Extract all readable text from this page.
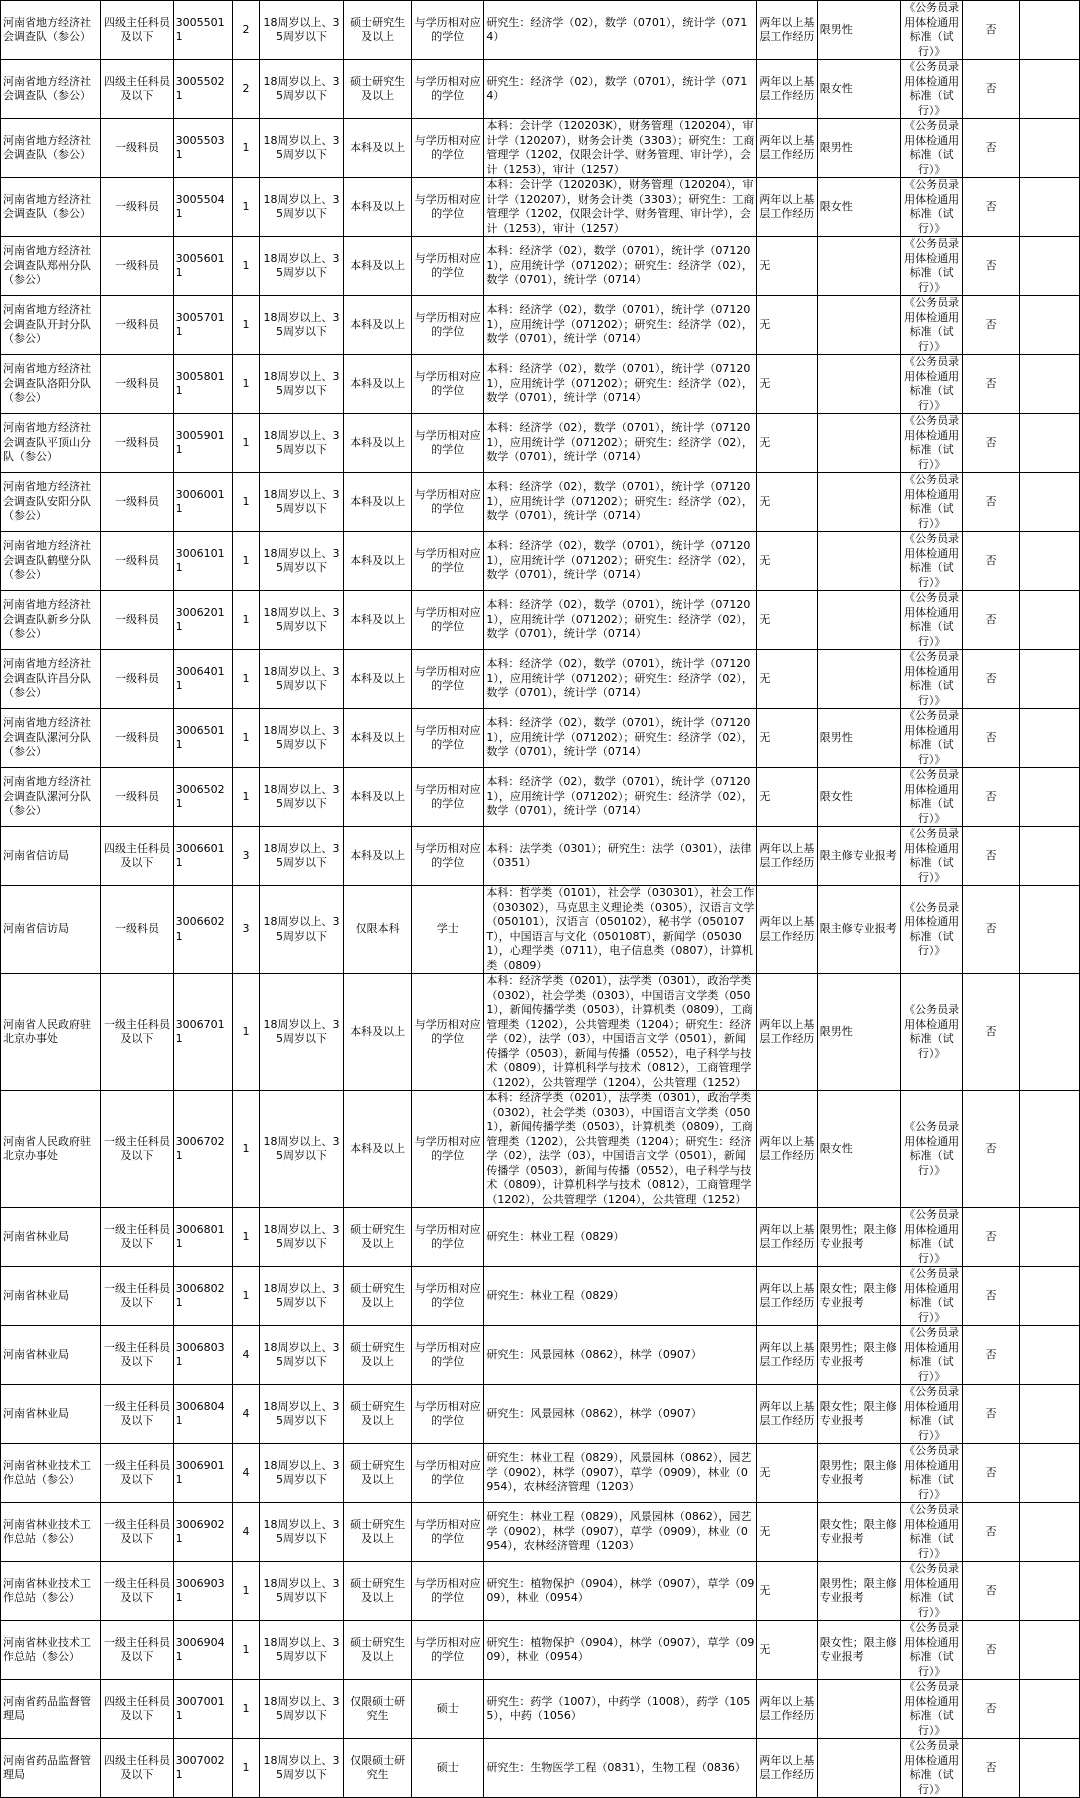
河南省地方经济社会调查队（参公）	四级主任科员及以下	30055011	2	18周岁以上、35周岁以下	硕士研究生及以上	与学历相对应的学位	研究生：经济学（02），数学（0701），统计学（0714）	两年以上基层工作经历	限男性	《公务员录用体检通用标准（试行）》	否	
河南省地方经济社会调查队（参公）	四级主任科员及以下	30055021	2	18周岁以上、35周岁以下	硕士研究生及以上	与学历相对应的学位	研究生：经济学（02），数学（0701），统计学（0714）	两年以上基层工作经历	限女性	《公务员录用体检通用标准（试行）》	否	
河南省地方经济社会调查队（参公）	一级科员	30055031	1	18周岁以上、35周岁以下	本科及以上	与学历相对应的学位	本科：会计学（120203K），财务管理（120204），审计学（120207），财务会计类（3303）；研究生：工商管理学（1202，仅限会计学、财务管理、审计学），会计（1253），审计（1257）	两年以上基层工作经历	限男性	《公务员录用体检通用标准（试行）》	否	
河南省地方经济社会调查队（参公）	一级科员	30055041	1	18周岁以上、35周岁以下	本科及以上	与学历相对应的学位	本科：会计学（120203K），财务管理（120204），审计学（120207），财务会计类（3303）；研究生：工商管理学（1202，仅限会计学、财务管理、审计学），会计（1253），审计（1257）	两年以上基层工作经历	限女性	《公务员录用体检通用标准（试行）》	否	
河南省地方经济社会调查队郑州分队（参公）	一级科员	30056011	1	18周岁以上、35周岁以下	本科及以上	与学历相对应的学位	本科：经济学（02），数学（0701），统计学（071201），应用统计学（071202）；研究生：经济学（02），数学（0701），统计学（0714）	无		《公务员录用体检通用标准（试行）》	否	
河南省地方经济社会调查队开封分队（参公）	一级科员	30057011	1	18周岁以上、35周岁以下	本科及以上	与学历相对应的学位	本科：经济学（02），数学（0701），统计学（071201），应用统计学（071202）；研究生：经济学（02），数学（0701），统计学（0714）	无		《公务员录用体检通用标准（试行）》	否	
河南省地方经济社会调查队洛阳分队（参公）	一级科员	30058011	1	18周岁以上、35周岁以下	本科及以上	与学历相对应的学位	本科：经济学（02），数学（0701），统计学（071201），应用统计学（071202）；研究生：经济学（02），数学（0701），统计学（0714）	无		《公务员录用体检通用标准（试行）》	否	
河南省地方经济社会调查队平顶山分队（参公）	一级科员	30059011	1	18周岁以上、35周岁以下	本科及以上	与学历相对应的学位	本科：经济学（02），数学（0701），统计学（071201），应用统计学（071202）；研究生：经济学（02），数学（0701），统计学（0714）	无		《公务员录用体检通用标准（试行）》	否	
河南省地方经济社会调查队安阳分队（参公）	一级科员	30060011	1	18周岁以上、35周岁以下	本科及以上	与学历相对应的学位	本科：经济学（02），数学（0701），统计学（071201），应用统计学（071202）；研究生：经济学（02），数学（0701），统计学（0714）	无		《公务员录用体检通用标准（试行）》	否	
河南省地方经济社会调查队鹤壁分队（参公）	一级科员	30061011	1	18周岁以上、35周岁以下	本科及以上	与学历相对应的学位	本科：经济学（02），数学（0701），统计学（071201），应用统计学（071202）；研究生：经济学（02），数学（0701），统计学（0714）	无		《公务员录用体检通用标准（试行）》	否	
河南省地方经济社会调查队新乡分队（参公）	一级科员	30062011	1	18周岁以上、35周岁以下	本科及以上	与学历相对应的学位	本科：经济学（02），数学（0701），统计学（071201），应用统计学（071202）；研究生：经济学（02），数学（0701），统计学（0714）	无		《公务员录用体检通用标准（试行）》	否	
河南省地方经济社会调查队许昌分队（参公）	一级科员	30064011	1	18周岁以上、35周岁以下	本科及以上	与学历相对应的学位	本科：经济学（02），数学（0701），统计学（071201），应用统计学（071202）；研究生：经济学（02），数学（0701），统计学（0714）	无		《公务员录用体检通用标准（试行）》	否	
河南省地方经济社会调查队漯河分队（参公）	一级科员	30065011	1	18周岁以上、35周岁以下	本科及以上	与学历相对应的学位	本科：经济学（02），数学（0701），统计学（071201），应用统计学（071202）；研究生：经济学（02），数学（0701），统计学（0714）	无	限男性	《公务员录用体检通用标准（试行）》	否	
河南省地方经济社会调查队漯河分队（参公）	一级科员	30065021	1	18周岁以上、35周岁以下	本科及以上	与学历相对应的学位	本科：经济学（02），数学（0701），统计学（071201），应用统计学（071202）；研究生：经济学（02），数学（0701），统计学（0714）	无	限女性	《公务员录用体检通用标准（试行）》	否	
河南省信访局	四级主任科员及以下	30066011	3	18周岁以上、35周岁以下	本科及以上	与学历相对应的学位	本科：法学类（0301）；研究生：法学（0301），法律（0351）	两年以上基层工作经历	限主修专业报考	《公务员录用体检通用标准（试行）》	否	
河南省信访局	一级科员	30066021	3	18周岁以上、35周岁以下	仅限本科	学士	本科：哲学类（0101），社会学（030301），社会工作（030302），马克思主义理论类（0305），汉语言文学（050101），汉语言（050102），秘书学（050107T），中国语言与文化（050108T），新闻学（050301），心理学类（0711），电子信息类（0807），计算机类（0809）	两年以上基层工作经历	限主修专业报考	《公务员录用体检通用标准（试行）》	否	
河南省人民政府驻北京办事处	一级主任科员及以下	30067011	1	18周岁以上、35周岁以下	本科及以上	与学历相对应的学位	本科：经济学类（0201），法学类（0301），政治学类（0302），社会学类（0303），中国语言文学类（0501），新闻传播学类（0503），计算机类（0809），工商管理类（1202），公共管理类（1204）；研究生：经济学（02），法学（03），中国语言文学（0501），新闻传播学（0503），新闻与传播（0552），电子科学与技术（0809），计算机科学与技术（0812），工商管理学（1202），公共管理学（1204），公共管理（1252）	两年以上基层工作经历	限男性	《公务员录用体检通用标准（试行）》	否	
河南省人民政府驻北京办事处	一级主任科员及以下	30067021	1	18周岁以上、35周岁以下	本科及以上	与学历相对应的学位	本科：经济学类（0201），法学类（0301），政治学类（0302），社会学类（0303），中国语言文学类（0501），新闻传播学类（0503），计算机类（0809），工商管理类（1202），公共管理类（1204）；研究生：经济学（02），法学（03），中国语言文学（0501），新闻传播学（0503），新闻与传播（0552），电子科学与技术（0809），计算机科学与技术（0812），工商管理学（1202），公共管理学（1204），公共管理（1252）	两年以上基层工作经历	限女性	《公务员录用体检通用标准（试行）》	否	
河南省林业局	一级主任科员及以下	30068011	1	18周岁以上、35周岁以下	硕士研究生及以上	与学历相对应的学位	研究生：林业工程（0829）	两年以上基层工作经历	限男性；限主修专业报考	《公务员录用体检通用标准（试行）》	否	
河南省林业局	一级主任科员及以下	30068021	1	18周岁以上、35周岁以下	硕士研究生及以上	与学历相对应的学位	研究生：林业工程（0829）	两年以上基层工作经历	限女性；限主修专业报考	《公务员录用体检通用标准（试行）》	否	
河南省林业局	一级主任科员及以下	30068031	4	18周岁以上、35周岁以下	硕士研究生及以上	与学历相对应的学位	研究生：风景园林（0862），林学（0907）	两年以上基层工作经历	限男性；限主修专业报考	《公务员录用体检通用标准（试行）》	否	
河南省林业局	一级主任科员及以下	30068041	4	18周岁以上、35周岁以下	硕士研究生及以上	与学历相对应的学位	研究生：风景园林（0862），林学（0907）	两年以上基层工作经历	限女性；限主修专业报考	《公务员录用体检通用标准（试行）》	否	
河南省林业技术工作总站（参公）	一级主任科员及以下	30069011	4	18周岁以上、35周岁以下	硕士研究生及以上	与学历相对应的学位	研究生：林业工程（0829），风景园林（0862），园艺学（0902），林学（0907），草学（0909），林业（0954），农林经济管理（1203）	无	限男性；限主修专业报考	《公务员录用体检通用标准（试行）》	否	
河南省林业技术工作总站（参公）	一级主任科员及以下	30069021	4	18周岁以上、35周岁以下	硕士研究生及以上	与学历相对应的学位	研究生：林业工程（0829），风景园林（0862），园艺学（0902），林学（0907），草学（0909），林业（0954），农林经济管理（1203）	无	限女性；限主修专业报考	《公务员录用体检通用标准（试行）》	否	
河南省林业技术工作总站（参公）	一级主任科员及以下	30069031	1	18周岁以上、35周岁以下	硕士研究生及以上	与学历相对应的学位	研究生：植物保护（0904），林学（0907），草学（0909），林业（0954）	无	限男性；限主修专业报考	《公务员录用体检通用标准（试行）》	否	
河南省林业技术工作总站（参公）	一级主任科员及以下	30069041	1	18周岁以上、35周岁以下	硕士研究生及以上	与学历相对应的学位	研究生：植物保护（0904），林学（0907），草学（0909），林业（0954）	无	限女性；限主修专业报考	《公务员录用体检通用标准（试行）》	否	
河南省药品监督管理局	四级主任科员及以下	30070011	1	18周岁以上、35周岁以下	仅限硕士研究生	硕士	研究生：药学（1007），中药学（1008），药学（1055），中药（1056）	两年以上基层工作经历		《公务员录用体检通用标准（试行）》	否	
河南省药品监督管理局	四级主任科员及以下	30070021	1	18周岁以上、35周岁以下	仅限硕士研究生	硕士	研究生：生物医学工程（0831），生物工程（0836）	两年以上基层工作经历		《公务员录用体检通用标准（试行）》	否	
